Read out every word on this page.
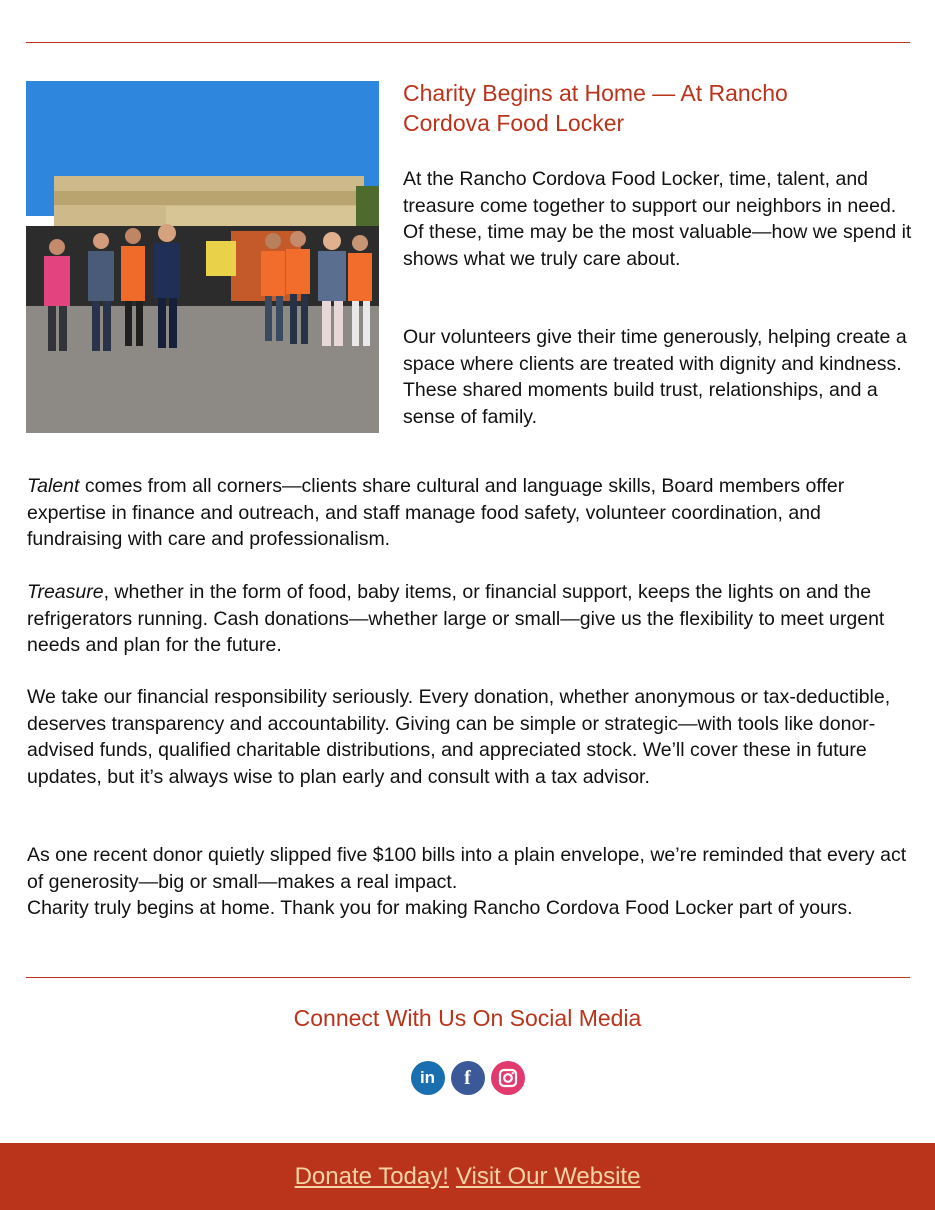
Charity Begins at Home — At Rancho Cordova Food Locker

At the Rancho Cordova Food Locker, time, talent, and treasure come together to support our neighbors in need. Of these, time may be the most valuable—how we spend it shows what we truly care about.

Our volunteers give their time generously, helping create a space where clients are treated with dignity and kindness. These shared moments build trust, relationships, and a sense of family.

Talent comes from all corners—clients share cultural and language skills, Board members offer expertise in finance and outreach, and staff manage food safety, volunteer coordination, and fundraising with care and professionalism.

Treasure, whether in the form of food, baby items, or financial support, keeps the lights on and the refrigerators running. Cash donations—whether large or small—give us the flexibility to meet urgent needs and plan for the future.

We take our financial responsibility seriously. Every donation, whether anonymous or tax-deductible, deserves transparency and accountability. Giving can be simple or strategic—with tools like donor-advised funds, qualified charitable distributions, and appreciated stock. We’ll cover these in future updates, but it’s always wise to plan early and consult with a tax advisor.

As one recent donor quietly slipped five $100 bills into a plain envelope, we’re reminded that every act of generosity—big or small—makes a real impact.

Charity truly begins at home. Thank you for making Rancho Cordova Food Locker part of yours.

Connect With Us On Social Media
in	f
Donate Today! Visit Our Website
